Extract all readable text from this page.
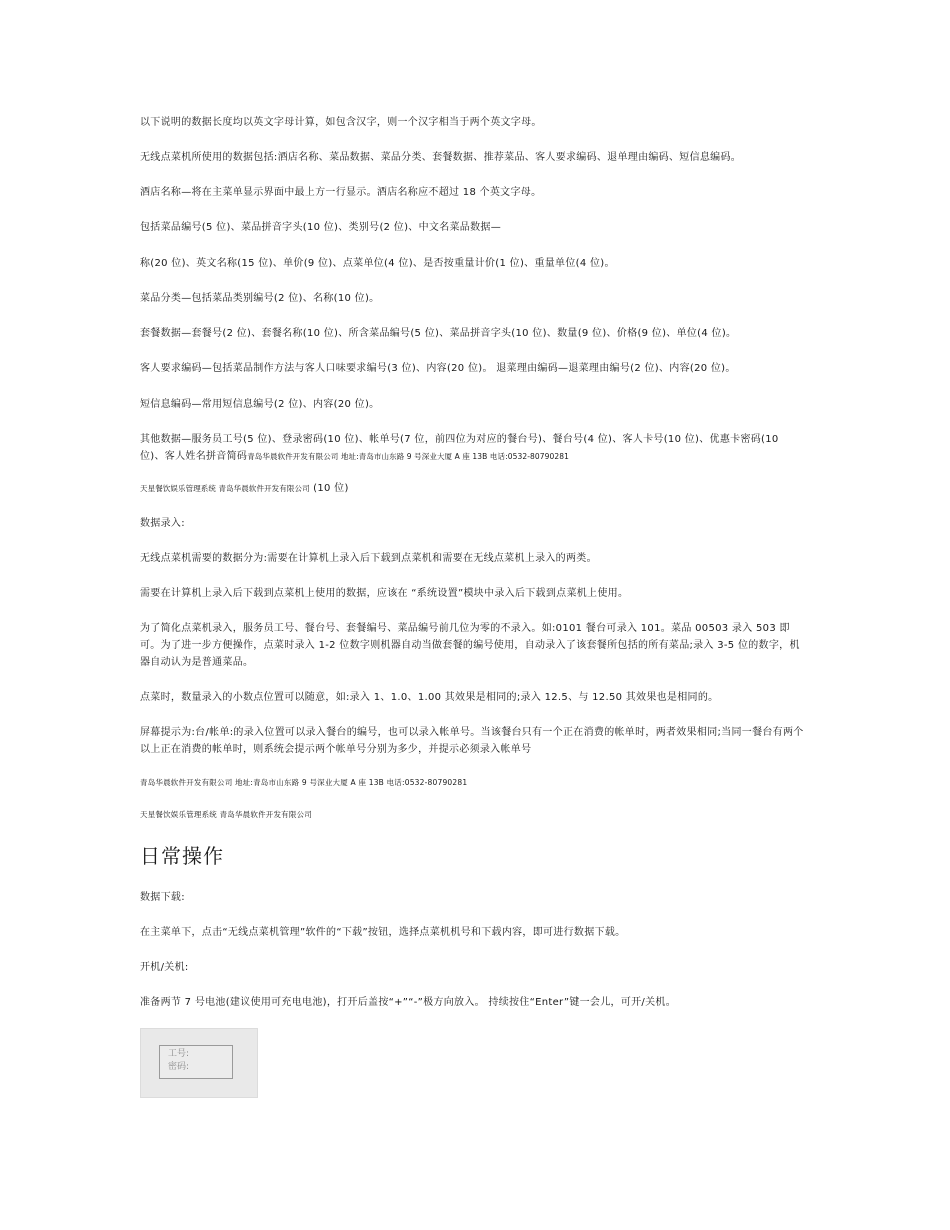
以下说明的数据长度均以英文字母计算，如包含汉字，则一个汉字相当于两个英文字母。
无线点菜机所使用的数据包括:酒店名称、菜品数据、菜品分类、套餐数据、推荐菜品、客人要求编码、退单理由编码、短信息编码。
酒店名称—将在主菜单显示界面中最上方一行显示。酒店名称应不超过 18 个英文字母。
包括菜品编号(5 位)、菜品拼音字头(10 位)、类别号(2 位)、中文名菜品数据—
称(20 位)、英文名称(15 位)、单价(9 位)、点菜单位(4 位)、是否按重量计价(1 位)、重量单位(4 位)。
菜品分类—包括菜品类别编号(2 位)、名称(10 位)。
套餐数据—套餐号(2 位)、套餐名称(10 位)、所含菜品编号(5 位)、菜品拼音字头(10 位)、数量(9 位)、价格(9 位)、单位(4 位)。
客人要求编码—包括菜品制作方法与客人口味要求编号(3 位)、内容(20 位)。 退菜理由编码—退菜理由编号(2 位)、内容(20 位)。
短信息编码—常用短信息编号(2 位)、内容(20 位)。
其他数据—服务员工号(5 位)、登录密码(10 位)、帐单号(7 位，前四位为对应的餐台号)、餐台号(4 位)、客人卡号(10 位)、优惠卡密码(10 位)、客人姓名拼音简码青岛华晨软件开发有限公司 地址:青岛市山东路 9 号深业大厦 A 座 13B 电话:0532-80790281
天星餐饮娱乐管理系统 青岛华晨软件开发有限公司 (10 位)
数据录入:
无线点菜机需要的数据分为:需要在计算机上录入后下载到点菜机和需要在无线点菜机上录入的两类。
需要在计算机上录入后下载到点菜机上使用的数据，应该在 “系统设置”模块中录入后下载到点菜机上使用。
为了简化点菜机录入，服务员工号、餐台号、套餐编号、菜品编号前几位为零的不录入。如:0101 餐台可录入 101。菜品 00503 录入 503 即可。为了进一步方便操作，点菜时录入 1-2 位数字则机器自动当做套餐的编号使用，自动录入了该套餐所包括的所有菜品;录入 3-5 位的数字，机器自动认为是普通菜品。
点菜时，数量录入的小数点位置可以随意，如:录入 1、1.0、1.00 其效果是相同的;录入 12.5、与 12.50 其效果也是相同的。
屏幕提示为:台/帐单:的录入位置可以录入餐台的编号，也可以录入帐单号。当该餐台只有一个正在消费的帐单时，两者效果相同;当同一餐台有两个以上正在消费的帐单时，则系统会提示两个帐单号分别为多少，并提示必须录入帐单号
青岛华晨软件开发有限公司 地址:青岛市山东路 9 号深业大厦 A 座 13B 电话:0532-80790281
天星餐饮娱乐管理系统 青岛华晨软件开发有限公司
日常操作
数据下载:
在主菜单下，点击“无线点菜机管理”软件的“下载”按钮，选择点菜机机号和下载内容，即可进行数据下载。
开机/关机:
准备两节 7 号电池(建议使用可充电电池)，打开后盖按“+”“-”极方向放入。 持续按住“Enter”键一会儿，可开/关机。
工号:
密码:
